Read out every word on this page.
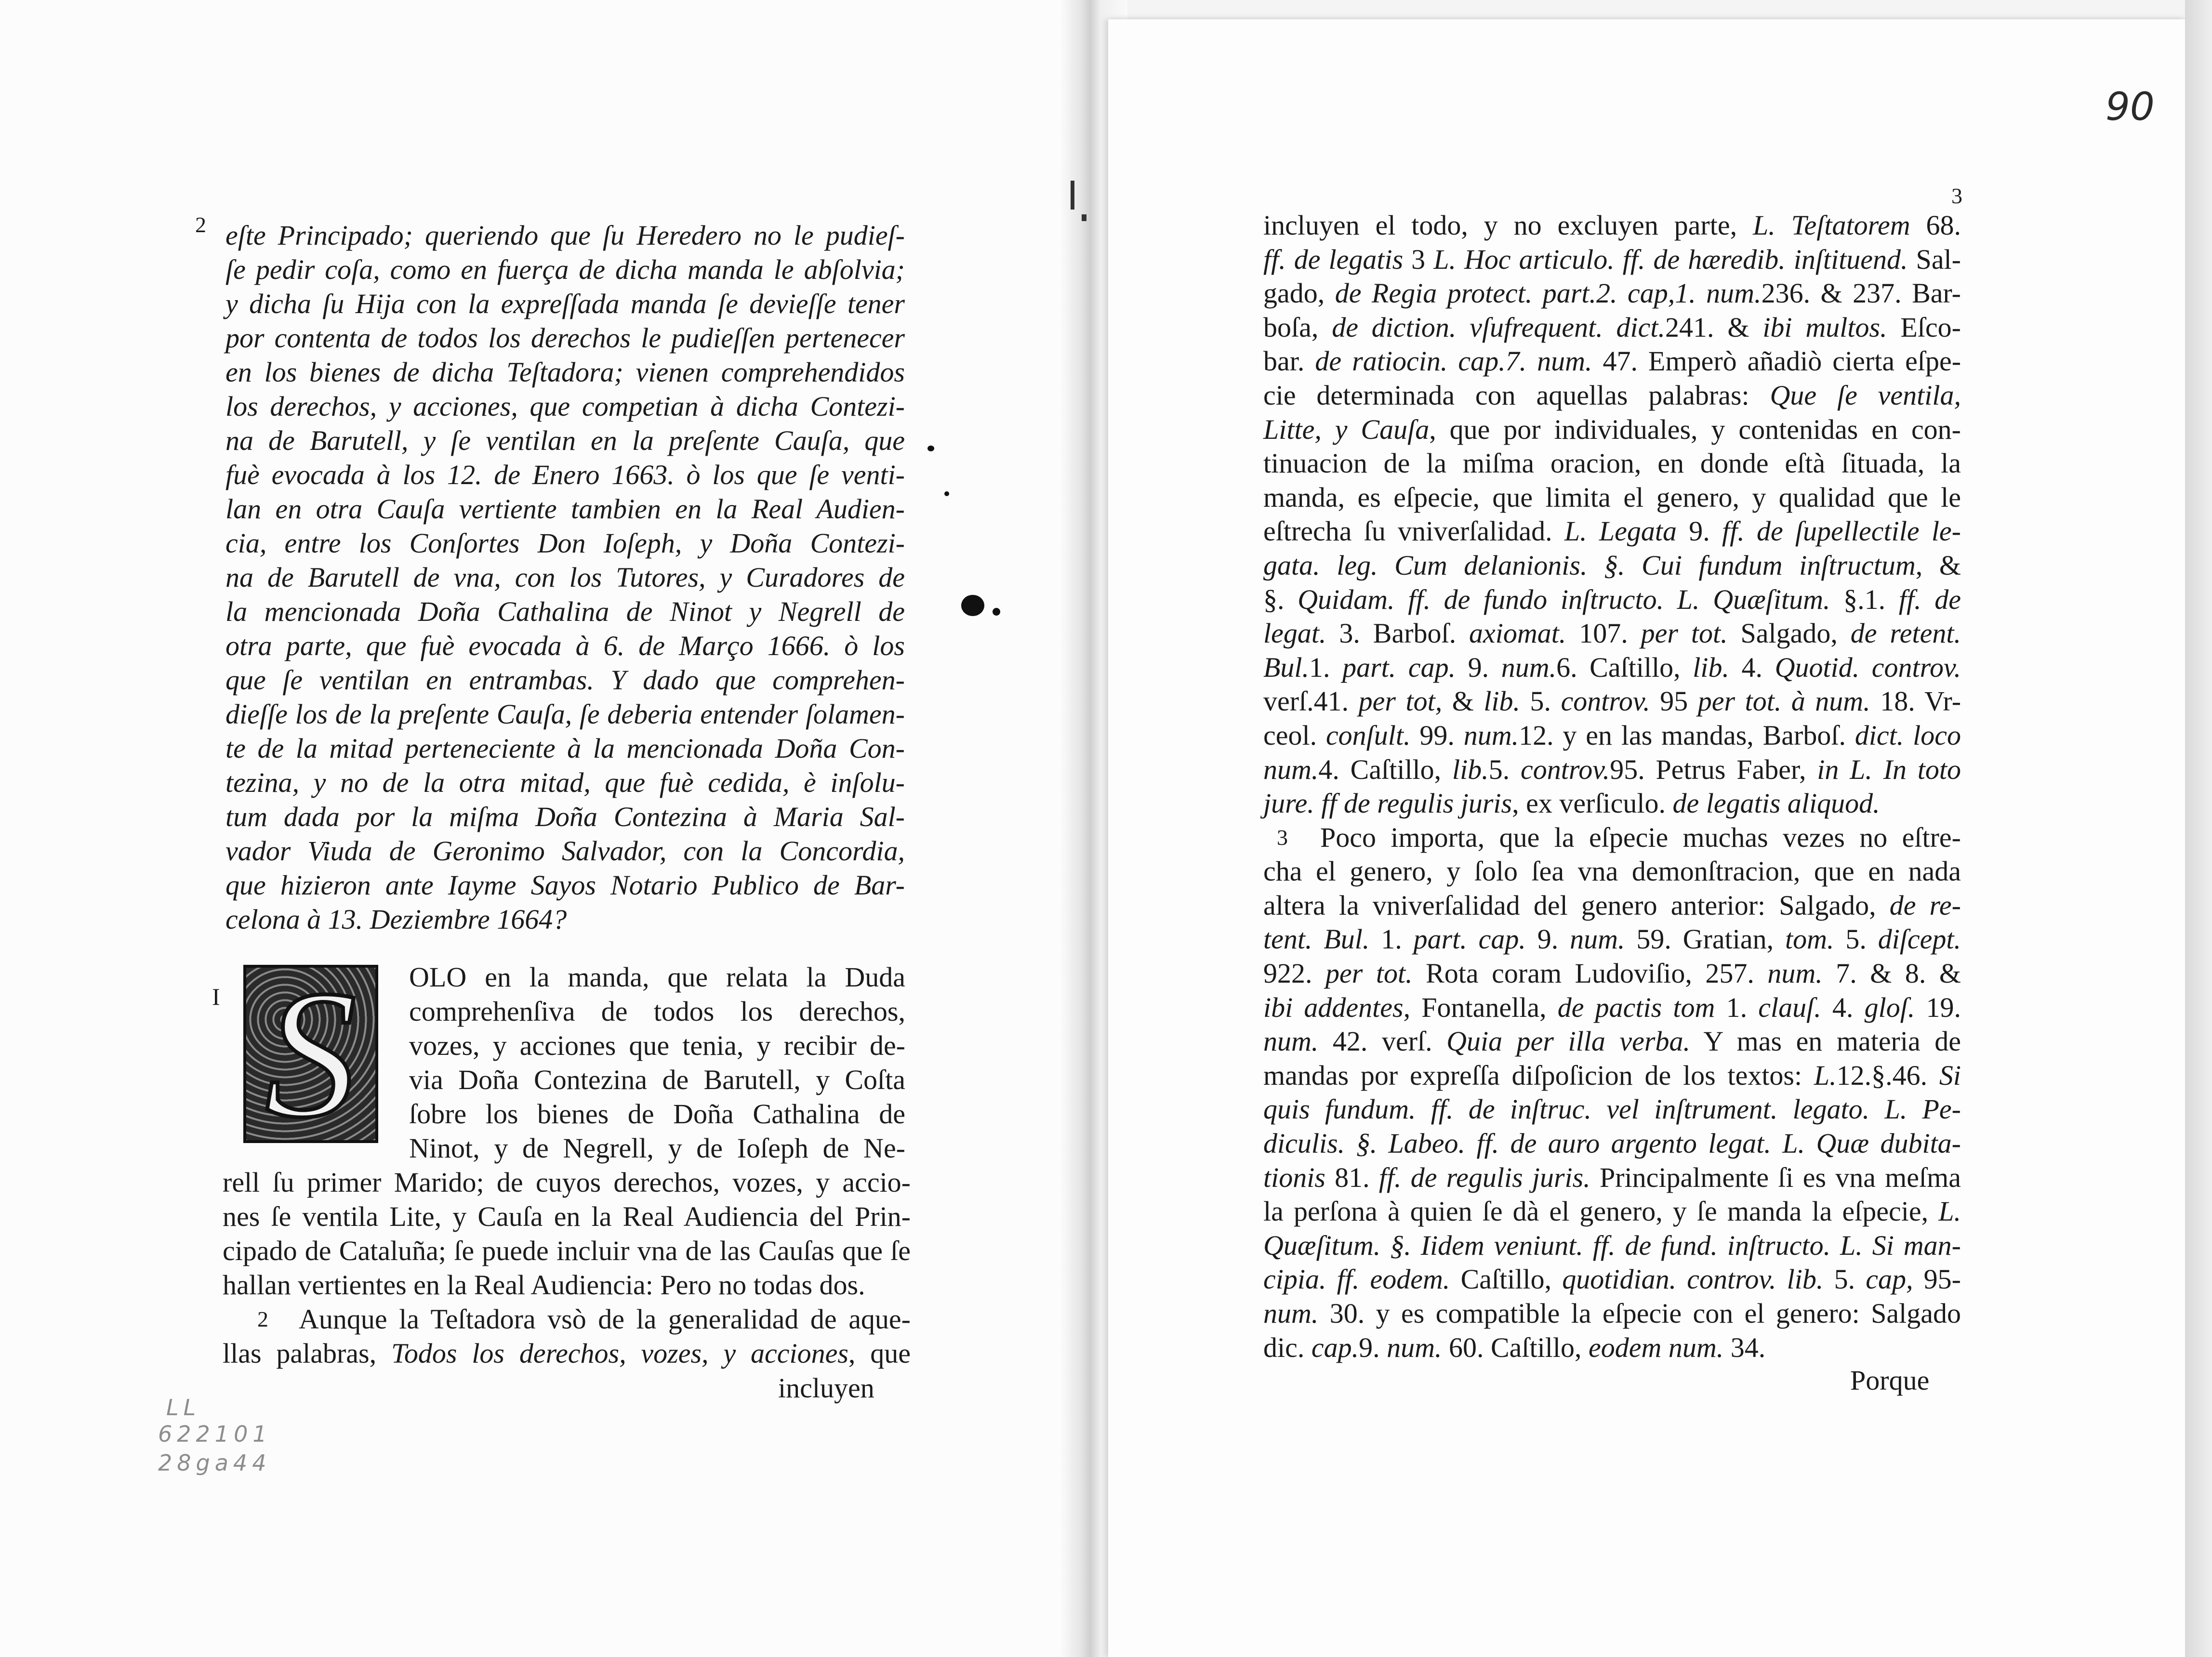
2 eſte Principado; queriendo que ſu Heredero no le pudieſ-
ſe pedir coſa, como en fuerça de dicha manda le abſolvia;
y dicha ſu Hija con la expreſſada manda ſe devieſſe tener
por contenta de todos los derechos le pudieſſen pertenecer
en los bienes de dicha Teſtadora; vienen comprehendidos
los derechos, y acciones, que competian à dicha Contezi-
na de Barutell, y ſe ventilan en la preſente Cauſa, que
fuè evocada à los 12. de Enero 1663. ò los que ſe venti-
lan en otra Cauſa vertiente tambien en la Real Audien-
cia, entre los Conſortes Don Ioſeph, y Doña Contezi-
na de Barutell de vna, con los Tutores, y Curadores de
la mencionada Doña Cathalina de Ninot y Negrell de
otra parte, que fuè evocada à 6. de Março 1666. ò los
que ſe ventilan en entrambas. Y dado que comprehen-
dieſſe los de la preſente Cauſa, ſe deberia entender ſolamen-
te de la mitad perteneciente à la mencionada Doña Con-
tezina, y no de la otra mitad, que fuè cedida, è inſolu-
tum dada por la miſma Doña Contezina à Maria Sal-
vador Viuda de Geronimo Salvador, con la Concordia,
que hizieron ante Iayme Sayos Notario Publico de Bar-
celona à 13. Deziembre 1664?
I S	OLO en la manda, que relata la Duda
comprehenſiva de todos los derechos,
vozes, y acciones que tenia, y recibir de-
via Doña Contezina de Barutell, y Coſta
ſobre los bienes de Doña Cathalina de
Ninot, y de Negrell, y de Ioſeph de Ne-
rell ſu primer Marido; de cuyos derechos, vozes, y accio-
nes ſe ventila Lite, y Cauſa en la Real Audiencia del Prin-
cipado de Cataluña; ſe puede incluir vna de las Cauſas que ſe
hallan vertientes en la Real Audiencia: Pero no todas dos.
2 Aunque la Teſtadora vsò de la generalidad de aque-
llas palabras, Todos los derechos, vozes, y acciones, que
incluyen
LL
622101
28ga44
90
3
incluyen el todo, y no excluyen parte, L. Teſtatorem 68.
ff. de legatis 3 L. Hoc articulo. ff. de hæredib. inſtituend. Sal-
gado, de Regia protect. part.2. cap,1. num.236. & 237. Bar-
boſa, de diction. vſufrequent. dict.241. & ibi multos. Eſco-
bar. de ratiocin. cap.7. num. 47. Emperò añadiò cierta eſpe-
cie determinada con aquellas palabras: Que ſe ventila,
Litte, y Cauſa, que por individuales, y contenidas en con-
tinuacion de la miſma oracion, en donde eſtà ſituada, la
manda, es eſpecie, que limita el genero, y qualidad que le
eſtrecha ſu vniverſalidad. L. Legata 9. ff. de ſupellectile le-
gata. leg. Cum delanionis. §. Cui fundum inſtructum, &
§. Quidam. ff. de fundo inſtructo. L. Quæſitum. §.1. ff. de
legat. 3. Barboſ. axiomat. 107. per tot. Salgado, de retent.
Bul.1. part. cap. 9. num.6. Caſtillo, lib. 4. Quotid. controv.
verſ.41. per tot, & lib. 5. controv. 95 per tot. à num. 18. Vr-
ceol. conſult. 99. num.12. y en las mandas, Barboſ. dict. loco
num.4. Caſtillo, lib.5. controv.95. Petrus Faber, in L. In toto
jure. ff de regulis juris, ex verſiculo. de legatis aliquod.
3 Poco importa, que la eſpecie muchas vezes no eſtre-
cha el genero, y ſolo ſea vna demonſtracion, que en nada
altera la vniverſalidad del genero anterior: Salgado, de re-
tent. Bul. 1. part. cap. 9. num. 59. Gratian, tom. 5. diſcept.
922. per tot. Rota coram Ludoviſio, 257. num. 7. & 8. &
ibi addentes, Fontanella, de pactis tom 1. clauſ. 4. gloſ. 19.
num. 42. verſ. Quia per illa verba. Y mas en materia de
mandas por expreſſa diſpoſicion de los textos: L.12.§.46. Si
quis fundum. ff. de inſtruc. vel inſtrument. legato. L. Pe-
diculis. §. Labeo. ff. de auro argento legat. L. Quæ dubita-
tionis 81. ff. de regulis juris. Principalmente ſi es vna meſma
la perſona à quien ſe dà el genero, y ſe manda la eſpecie, L.
Quæſitum. §. Iidem veniunt. ff. de fund. inſtructo. L. Si man-
cipia. ff. eodem. Caſtillo, quotidian. controv. lib. 5. cap, 95-
num. 30. y es compatible la eſpecie con el genero: Salgado
dic. cap.9. num. 60. Caſtillo, eodem num. 34.
Porque
